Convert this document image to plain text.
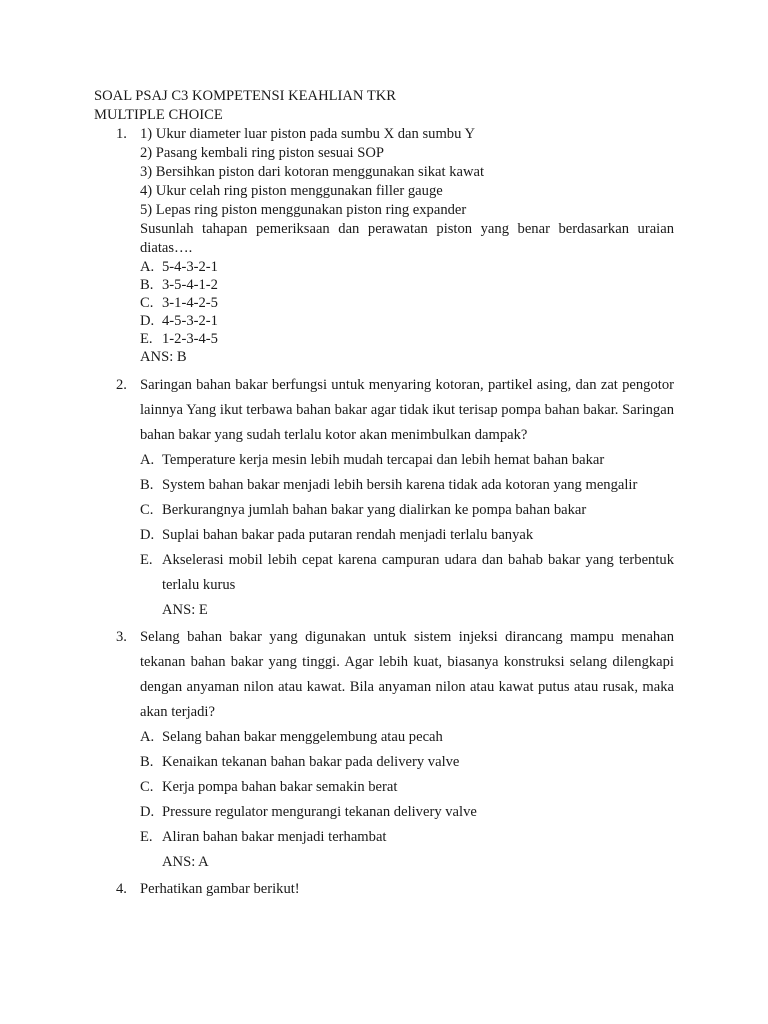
SOAL PSAJ C3 KOMPETENSI KEAHLIAN TKR
MULTIPLE CHOICE
1. 1) Ukur diameter luar piston pada sumbu X dan sumbu Y
2) Pasang kembali ring piston sesuai SOP
3) Bersihkan piston dari kotoran menggunakan sikat kawat
4) Ukur celah ring piston menggunakan filler gauge
5) Lepas ring piston menggunakan piston ring expander
Susunlah tahapan pemeriksaan dan perawatan piston yang benar berdasarkan uraian diatas….
A. 5-4-3-2-1
B. 3-5-4-1-2
C. 3-1-4-2-5
D. 4-5-3-2-1
E. 1-2-3-4-5
ANS: B
2. Saringan bahan bakar berfungsi untuk menyaring kotoran, partikel asing, dan zat pengotor lainnya Yang ikut terbawa bahan bakar agar tidak ikut terisap pompa bahan bakar. Saringan bahan bakar yang sudah terlalu kotor akan menimbulkan dampak?
A. Temperature kerja mesin lebih mudah tercapai dan lebih hemat bahan bakar
B. System bahan bakar menjadi lebih bersih karena tidak ada kotoran yang mengalir
C. Berkurangnya jumlah bahan bakar yang dialirkan ke pompa bahan bakar
D. Suplai bahan bakar pada putaran rendah menjadi terlalu banyak
E. Akselerasi mobil lebih cepat karena campuran udara dan bahab bakar yang terbentuk terlalu kurus
ANS: E
3. Selang bahan bakar yang digunakan untuk sistem injeksi dirancang mampu menahan tekanan bahan bakar yang tinggi. Agar lebih kuat, biasanya konstruksi selang dilengkapi dengan anyaman nilon atau kawat. Bila anyaman nilon atau kawat putus atau rusak, maka akan terjadi?
A. Selang bahan bakar menggelembung atau pecah
B. Kenaikan tekanan bahan bakar pada delivery valve
C. Kerja pompa bahan bakar semakin berat
D. Pressure regulator mengurangi tekanan delivery valve
E. Aliran bahan bakar menjadi terhambat
ANS: A
4. Perhatikan gambar berikut!
